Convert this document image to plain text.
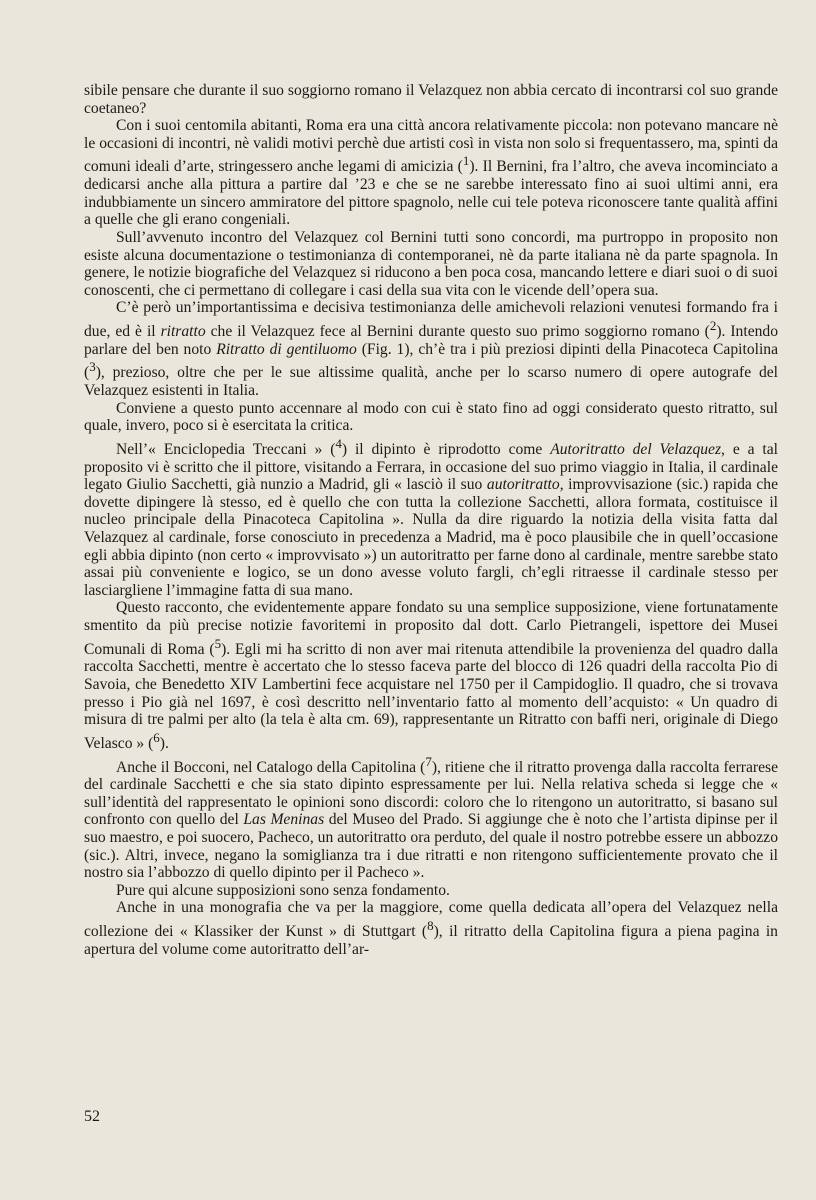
sibile pensare che durante il suo soggiorno romano il Velazquez non abbia cercato di incontrarsi col suo grande coetaneo?

Con i suoi centomila abitanti, Roma era una città ancora relativamente piccola: non potevano mancare nè le occasioni di incontri, nè validi motivi perchè due artisti così in vista non solo si frequentassero, ma, spinti da comuni ideali d’arte, stringessero anche legami di amicizia ($^1$). Il Bernini, fra l’altro, che aveva incominciato a dedicarsi anche alla pittura a partire dal ’23 e che se ne sarebbe interessato fino ai suoi ultimi anni, era indubbiamente un sincero ammiratore del pittore spagnolo, nelle cui tele poteva riconoscere tante qualità affini a quelle che gli erano congeniali.

Sull’avvenuto incontro del Velazquez col Bernini tutti sono concordi, ma purtroppo in proposito non esiste alcuna documentazione o testimonianza di contemporanei, nè da parte italiana nè da parte spagnola. In genere, le notizie biografiche del Velazquez si riducono a ben poca cosa, mancando lettere e diari suoi o di suoi conoscenti, che ci permettano di collegare i casi della sua vita con le vicende dell’opera sua.

C’è però un’importantissima e decisiva testimonianza delle amichevoli relazioni venutesi formando fra i due, ed è il ritratto che il Velazquez fece al Bernini durante questo suo primo soggiorno romano ($^2$). Intendo parlare del ben noto Ritratto di gentiluomo (Fig. 1), ch’è tra i più preziosi dipinti della Pinacoteca Capitolina ($^3$), prezioso, oltre che per le sue altissime qualità, anche per lo scarso numero di opere autografe del Velazquez esistenti in Italia.

Conviene a questo punto accennare al modo con cui è stato fino ad oggi considerato questo ritratto, sul quale, invero, poco si è esercitata la critica.

Nell’« Enciclopedia Treccani » ($^4$) il dipinto è riprodotto come Autoritratto del Velazquez, e a tal proposito vi è scritto che il pittore, visitando a Ferrara, in occasione del suo primo viaggio in Italia, il cardinale legato Giulio Sacchetti, già nunzio a Madrid, gli « lasciò il suo autoritratto, improvvisazione (sic.) rapida che dovette dipingere là stesso, ed è quello che con tutta la collezione Sacchetti, allora formata, costituisce il nucleo principale della Pinacoteca Capitolina ». Nulla da dire riguardo la notizia della visita fatta dal Velazquez al cardinale, forse conosciuto in precedenza a Madrid, ma è poco plausibile che in quell’occasione egli abbia dipinto (non certo « improvvisato ») un autoritratto per farne dono al cardinale, mentre sarebbe stato assai più conveniente e logico, se un dono avesse voluto fargli, ch’egli ritraesse il cardinale stesso per lasciargliene l’immagine fatta di sua mano.

Questo racconto, che evidentemente appare fondato su una semplice supposizione, viene fortunatamente smentito da più precise notizie favoritemi in proposito dal dott. Carlo Pietrangeli, ispettore dei Musei Comunali di Roma ($^5$). Egli mi ha scritto di non aver mai ritenuta attendibile la provenienza del quadro dalla raccolta Sacchetti, mentre è accertato che lo stesso faceva parte del blocco di 126 quadri della raccolta Pio di Savoia, che Benedetto XIV Lambertini fece acquistare nel 1750 per il Campidoglio. Il quadro, che si trovava presso i Pio già nel 1697, è così descritto nell’inventario fatto al momento dell’acquisto: « Un quadro di misura di tre palmi per alto (la tela è alta cm. 69), rappresentante un Ritratto con baffi neri, originale di Diego Velasco » ($^6$).

Anche il Bocconi, nel Catalogo della Capitolina ($^7$), ritiene che il ritratto provenga dalla raccolta ferrarese del cardinale Sacchetti e che sia stato dipinto espressamente per lui. Nella relativa scheda si legge che « sull’identità del rappresentato le opinioni sono discordi: coloro che lo ritengono un autoritratto, si basano sul confronto con quello del Las Meninas del Museo del Prado. Si aggiunge che è noto che l’artista dipinse per il suo maestro, e poi suocero, Pacheco, un autoritratto ora perduto, del quale il nostro potrebbe essere un abbozzo (sic.). Altri, invece, negano la somiglianza tra i due ritratti e non ritengono sufficientemente provato che il nostro sia l’abbozzo di quello dipinto per il Pacheco ».

Pure qui alcune supposizioni sono senza fondamento.

Anche in una monografia che va per la maggiore, come quella dedicata all’opera del Velazquez nella collezione dei « Klassiker der Kunst » di Stuttgart ($^8$), il ritratto della Capitolina figura a piena pagina in apertura del volume come autoritratto dell’ar-

52
